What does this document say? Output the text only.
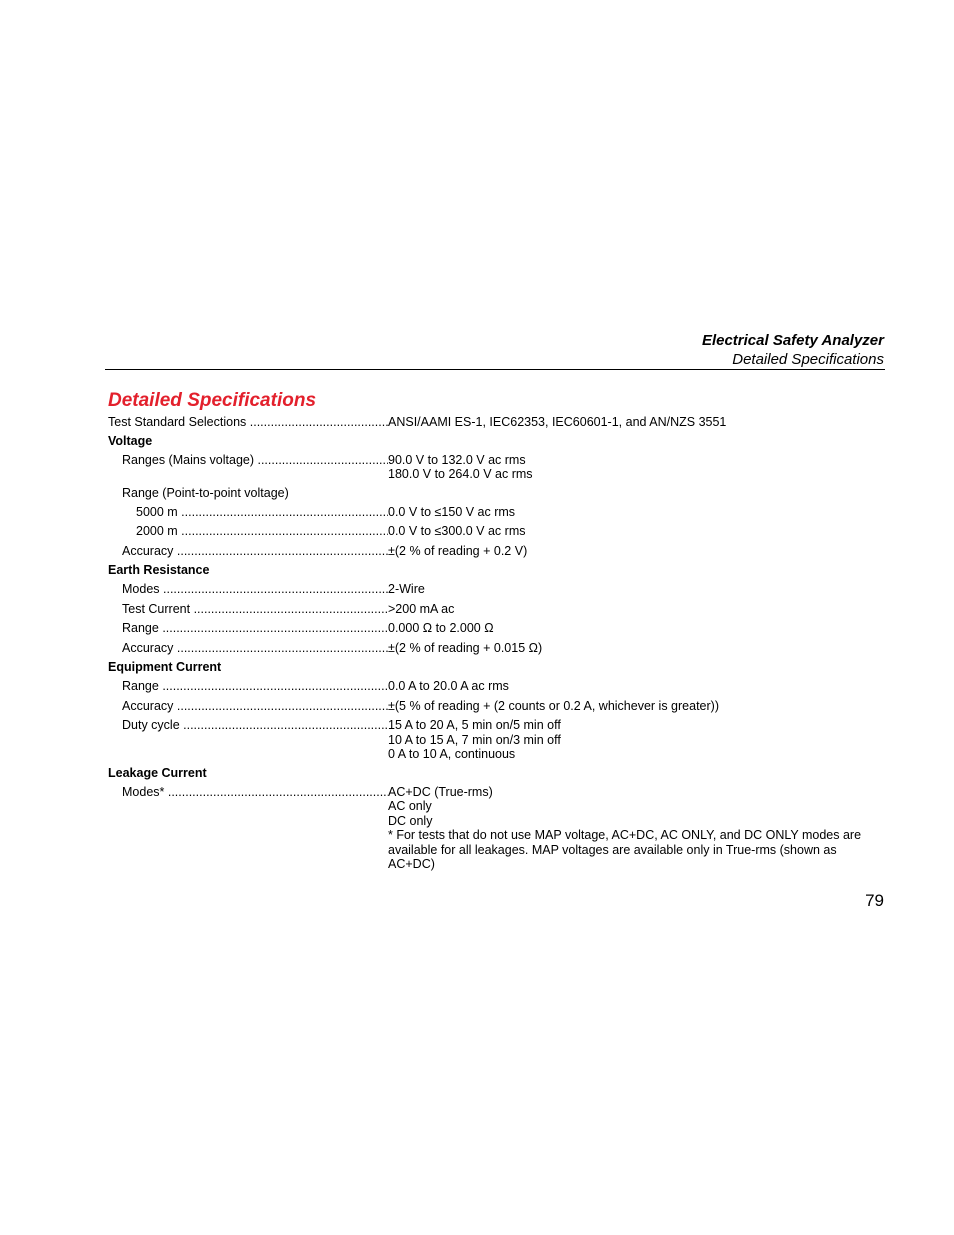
Electrical Safety Analyzer
Detailed Specifications
Detailed Specifications
Test Standard Selections .....	ANSI/AAMI ES-1, IEC62353, IEC60601-1, and AN/NZS 3551
Voltage
Ranges (Mains voltage) .....	90.0 V to 132.0 V ac rms
180.0 V to 264.0 V ac rms
Range (Point-to-point voltage)
5000 m .....	0.0 V to ≤150 V ac rms
2000 m .....	0.0 V to ≤300.0 V ac rms
Accuracy .....	±(2 % of reading + 0.2 V)
Earth Resistance
Modes .....	2-Wire
Test Current .....	>200 mA ac
Range .....	0.000 Ω to 2.000 Ω
Accuracy .....	±(2 % of reading + 0.015 Ω)
Equipment Current
Range .....	0.0 A to 20.0 A ac rms
Accuracy .....	±(5 % of reading + (2 counts or 0.2 A, whichever is greater))
Duty cycle .....	15 A to 20 A, 5 min on/5 min off
10 A to 15 A, 7 min on/3 min off
0 A to 10 A, continuous
Leakage Current
Modes* .....	AC+DC (True-rms)
AC only
DC only
* For tests that do not use MAP voltage, AC+DC, AC ONLY, and DC ONLY modes are available for all leakages. MAP voltages are available only in True-rms (shown as AC+DC)
79
